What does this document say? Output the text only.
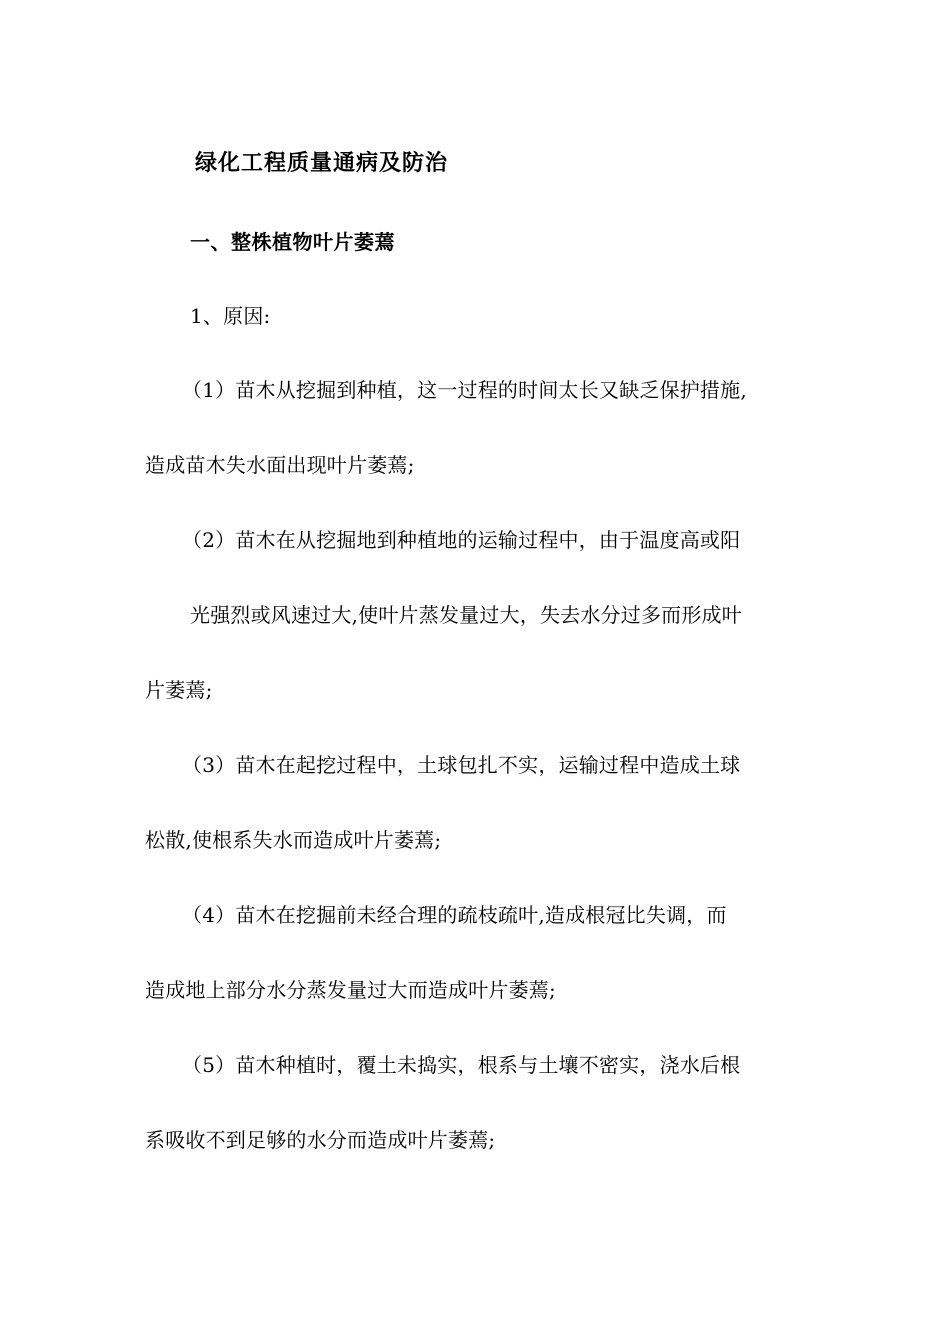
绿化工程质量通病及防治
一、整株植物叶片萎蔫
1、原因:
（1）苗木从挖掘到种植，这一过程的时间太长又缺乏保护措施,
造成苗木失水面出现叶片萎蔫;
（2）苗木在从挖掘地到种植地的运输过程中，由于温度高或阳
光强烈或风速过大,使叶片蒸发量过大，失去水分过多而形成叶
片萎蔫;
（3）苗木在起挖过程中，土球包扎不实，运输过程中造成土球
松散,使根系失水而造成叶片萎蔫;
（4）苗木在挖掘前未经合理的疏枝疏叶,造成根冠比失调，而
造成地上部分水分蒸发量过大而造成叶片萎蔫;
（5）苗木种植时，覆土未捣实，根系与土壤不密实，浇水后根
系吸收不到足够的水分而造成叶片萎蔫;
